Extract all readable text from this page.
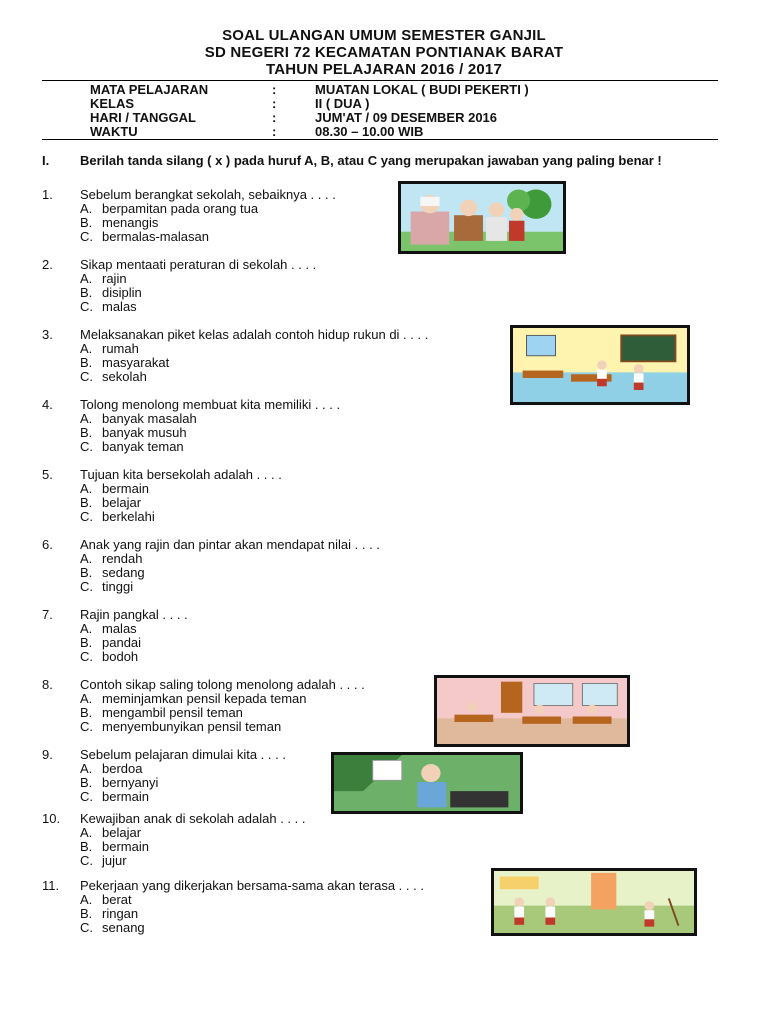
SOAL ULANGAN UMUM SEMESTER GANJIL
SD NEGERI 72 KECAMATAN PONTIANAK BARAT
TAHUN PELAJARAN 2016 / 2017
MATA PELAJARAN	:	MUATAN LOKAL ( BUDI PEKERTI )
KELAS	:	II ( DUA )
HARI / TANGGAL	:	JUM'AT / 09 DESEMBER 2016
WAKTU	:	08.30 – 10.00 WIB
I. Berilah tanda silang ( x ) pada huruf A, B, atau C yang merupakan jawaban yang paling benar !
1. Sebelum berangkat sekolah, sebaiknya . . . .
A. berpamitan pada orang tua
B. menangis
C. bermalas-malasan
2. Sikap mentaati peraturan di sekolah . . . .
A. rajin
B. disiplin
C. malas
3. Melaksanakan piket kelas adalah contoh hidup rukun di . . . .
A. rumah
B. masyarakat
C. sekolah
4. Tolong menolong membuat kita memiliki . . . .
A. banyak masalah
B. banyak musuh
C. banyak teman
5. Tujuan kita bersekolah adalah . . . .
A. bermain
B. belajar
C. berkelahi
6. Anak yang rajin dan pintar akan mendapat nilai . . . .
A. rendah
B. sedang
C. tinggi
7. Rajin pangkal . . . .
A. malas
B. pandai
C. bodoh
8. Contoh sikap saling tolong menolong adalah . . . .
A. meminjamkan pensil kepada teman
B. mengambil pensil teman
C. menyembunyikan pensil teman
9. Sebelum pelajaran dimulai kita . . . .
A. berdoa
B. bernyanyi
C. bermain
10. Kewajiban anak di sekolah adalah . . . .
A. belajar
B. bermain
C. jujur
11. Pekerjaan yang dikerjakan bersama-sama akan terasa . . . .
A. berat
B. ringan
C. senang
